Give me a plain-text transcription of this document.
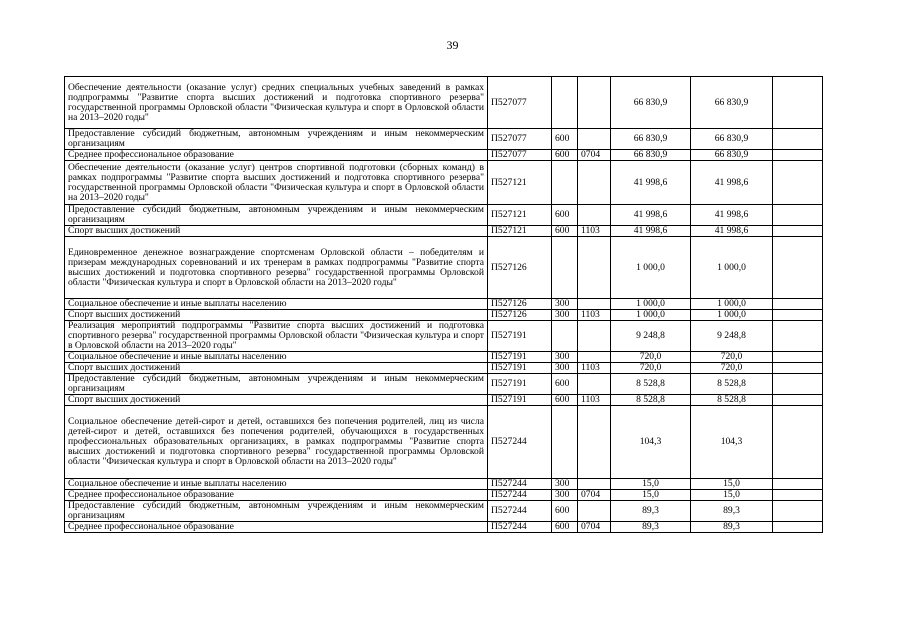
39
Обеспечение деятельности (оказание услуг) средних специальных учебных заведений в рамках подпрограммы "Развитие спорта высших достижений и подготовка спортивного резерва" государственной программы Орловской области "Физическая культура и спорт в Орловской области на 2013–2020 годы"	П527077			66 830,9	66 830,9	
Предоставление субсидий бюджетным, автономным учреждениям и иным некоммерческим организациям	П527077	600		66 830,9	66 830,9	
Среднее профессиональное образование	П527077	600	0704	66 830,9	66 830,9	
Обеспечение деятельности (оказание услуг) центров спортивной подготовки (сборных команд) в рамках подпрограммы "Развитие спорта высших достижений и подготовка спортивного резерва" государственной программы Орловской области "Физическая культура и спорт в Орловской области на 2013–2020 годы"	П527121			41 998,6	41 998,6	
Предоставление субсидий бюджетным, автономным учреждениям и иным некоммерческим организациям	П527121	600		41 998,6	41 998,6	
Спорт высших достижений	П527121	600	1103	41 998,6	41 998,6	
Единовременное денежное вознаграждение спортсменам Орловской области – победителям и призерам международных соревнований и их тренерам в рамках подпрограммы "Развитие спорта высших достижений и подготовка спортивного резерва" государственной программы Орловской области "Физическая культура и спорт в Орловской области на 2013–2020 годы"	П527126			1 000,0	1 000,0	
Социальное обеспечение и иные выплаты населению	П527126	300		1 000,0	1 000,0	
Спорт высших достижений	П527126	300	1103	1 000,0	1 000,0	
Реализация мероприятий подпрограммы "Развитие спорта высших достижений и подготовка спортивного резерва" государственной программы Орловской области "Физическая культура и спорт в Орловской области на 2013–2020 годы"	П527191			9 248,8	9 248,8	
Социальное обеспечение и иные выплаты населению	П527191	300		720,0	720,0	
Спорт высших достижений	П527191	300	1103	720,0	720,0	
Предоставление субсидий бюджетным, автономным учреждениям и иным некоммерческим организациям	П527191	600		8 528,8	8 528,8	
Спорт высших достижений	П527191	600	1103	8 528,8	8 528,8	
Социальное обеспечение детей-сирот и детей, оставшихся без попечения родителей, лиц из числа детей-сирот и детей, оставшихся без попечения родителей, обучающихся в государственных профессиональных образовательных организациях, в рамках подпрограммы "Развитие спорта высших достижений и подготовка спортивного резерва" государственной программы Орловской области "Физическая культура и спорт в Орловской области на 2013–2020 годы"	П527244			104,3	104,3	
Социальное обеспечение и иные выплаты населению	П527244	300		15,0	15,0	
Среднее профессиональное образование	П527244	300	0704	15,0	15,0	
Предоставление субсидий бюджетным, автономным учреждениям и иным некоммерческим организациям	П527244	600		89,3	89,3	
Среднее профессиональное образование	П527244	600	0704	89,3	89,3	
